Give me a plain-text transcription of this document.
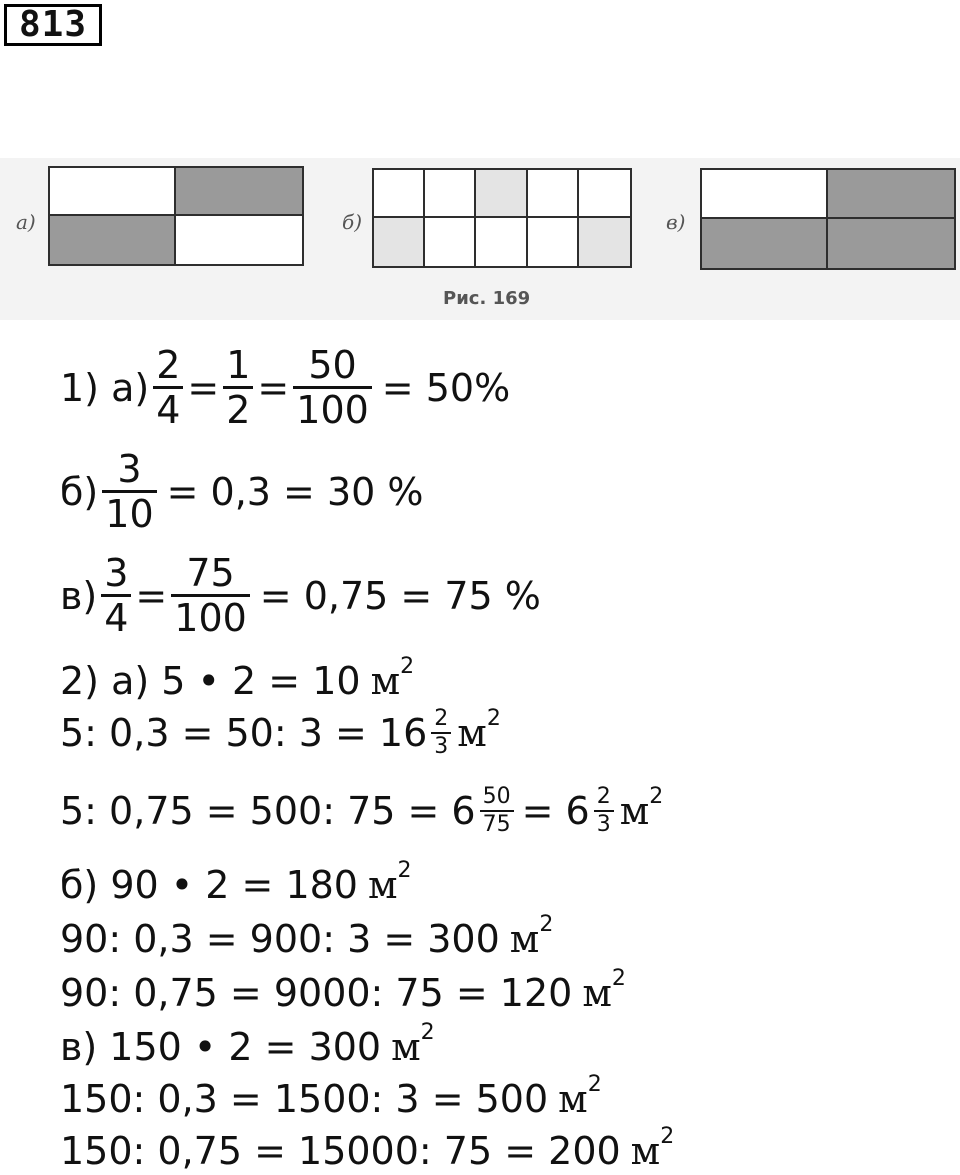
813
а)	б)	в)
Рис. 169
1) $а) \frac{2}{4} = \frac{1}{2} = \frac{50}{100} = 50\%$
$б) \frac{3}{10} = 0,3 = 30$ %
$в) \frac{3}{4} = \frac{75}{100} = 0,75 = 75$ %
2) а) 5 • 2 = 10 $м^2$
5: 0,3 = 50: $3 = 16 \frac{2}{3} м^2$
5: 0,75 = 500: $75 = 6 \frac{50}{75} = 6 \frac{2}{3} м^2$
б) 90 • 2 = 180 $м^2$
90: 0,3 = 900: 3 = 300 $м^2$
90: 0,75 = 9000: 75 = 120 $м^2$
в) 150 • 2 = 300 $м^2$
150: 0,3 = 1500: 3 = 500 $м^2$
150: 0,75 = 15000: 75 = 200 $м^2$
